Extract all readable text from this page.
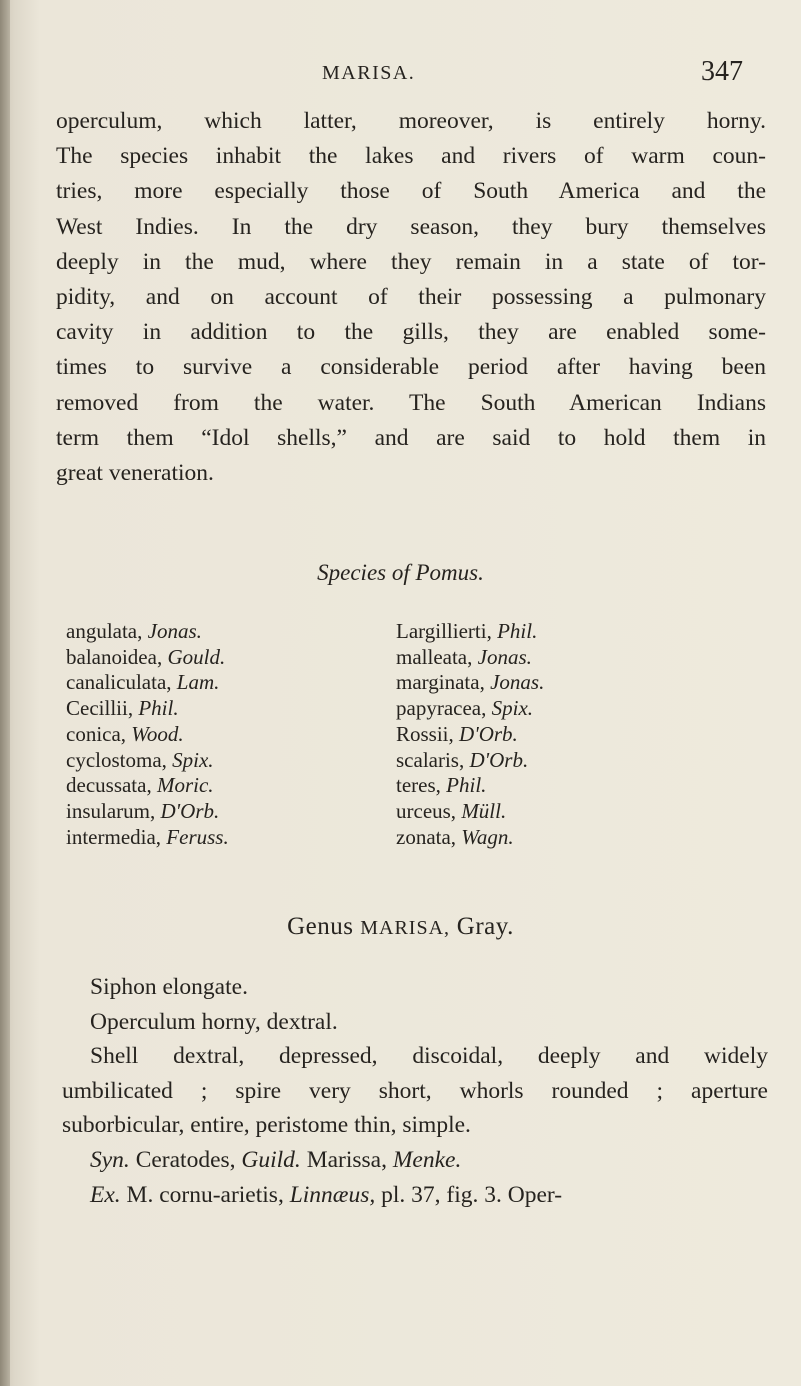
MARISA.	347
operculum, which latter, moreover, is entirely horny.
The species inhabit the lakes and rivers of warm coun-
tries, more especially those of South America and the
West Indies. In the dry season, they bury themselves
deeply in the mud, where they remain in a state of tor-
pidity, and on account of their possessing a pulmonary
cavity in addition to the gills, they are enabled some-
times to survive a considerable period after having been
removed from the water. The South American Indians
term them “Idol shells,” and are said to hold them in
great veneration.
Species of Pomus.
angulata, Jonas.
balanoidea, Gould.
canaliculata, Lam.
Cecillii, Phil.
conica, Wood.
cyclostoma, Spix.
decussata, Moric.
insularum, D'Orb.
intermedia, Feruss.
Largillierti, Phil.
malleata, Jonas.
marginata, Jonas.
papyracea, Spix.
Rossii, D'Orb.
scalaris, D'Orb.
teres, Phil.
urceus, Müll.
zonata, Wagn.
Genus MARISA, Gray.
Siphon elongate.
Operculum horny, dextral.
Shell dextral, depressed, discoidal, deeply and widely
umbilicated ; spire very short, whorls rounded ; aperture
suborbicular, entire, peristome thin, simple.
Syn. Ceratodes, Guild. Marissa, Menke.
Ex. M. cornu-arietis, Linnæus, pl. 37, fig. 3. Oper-
